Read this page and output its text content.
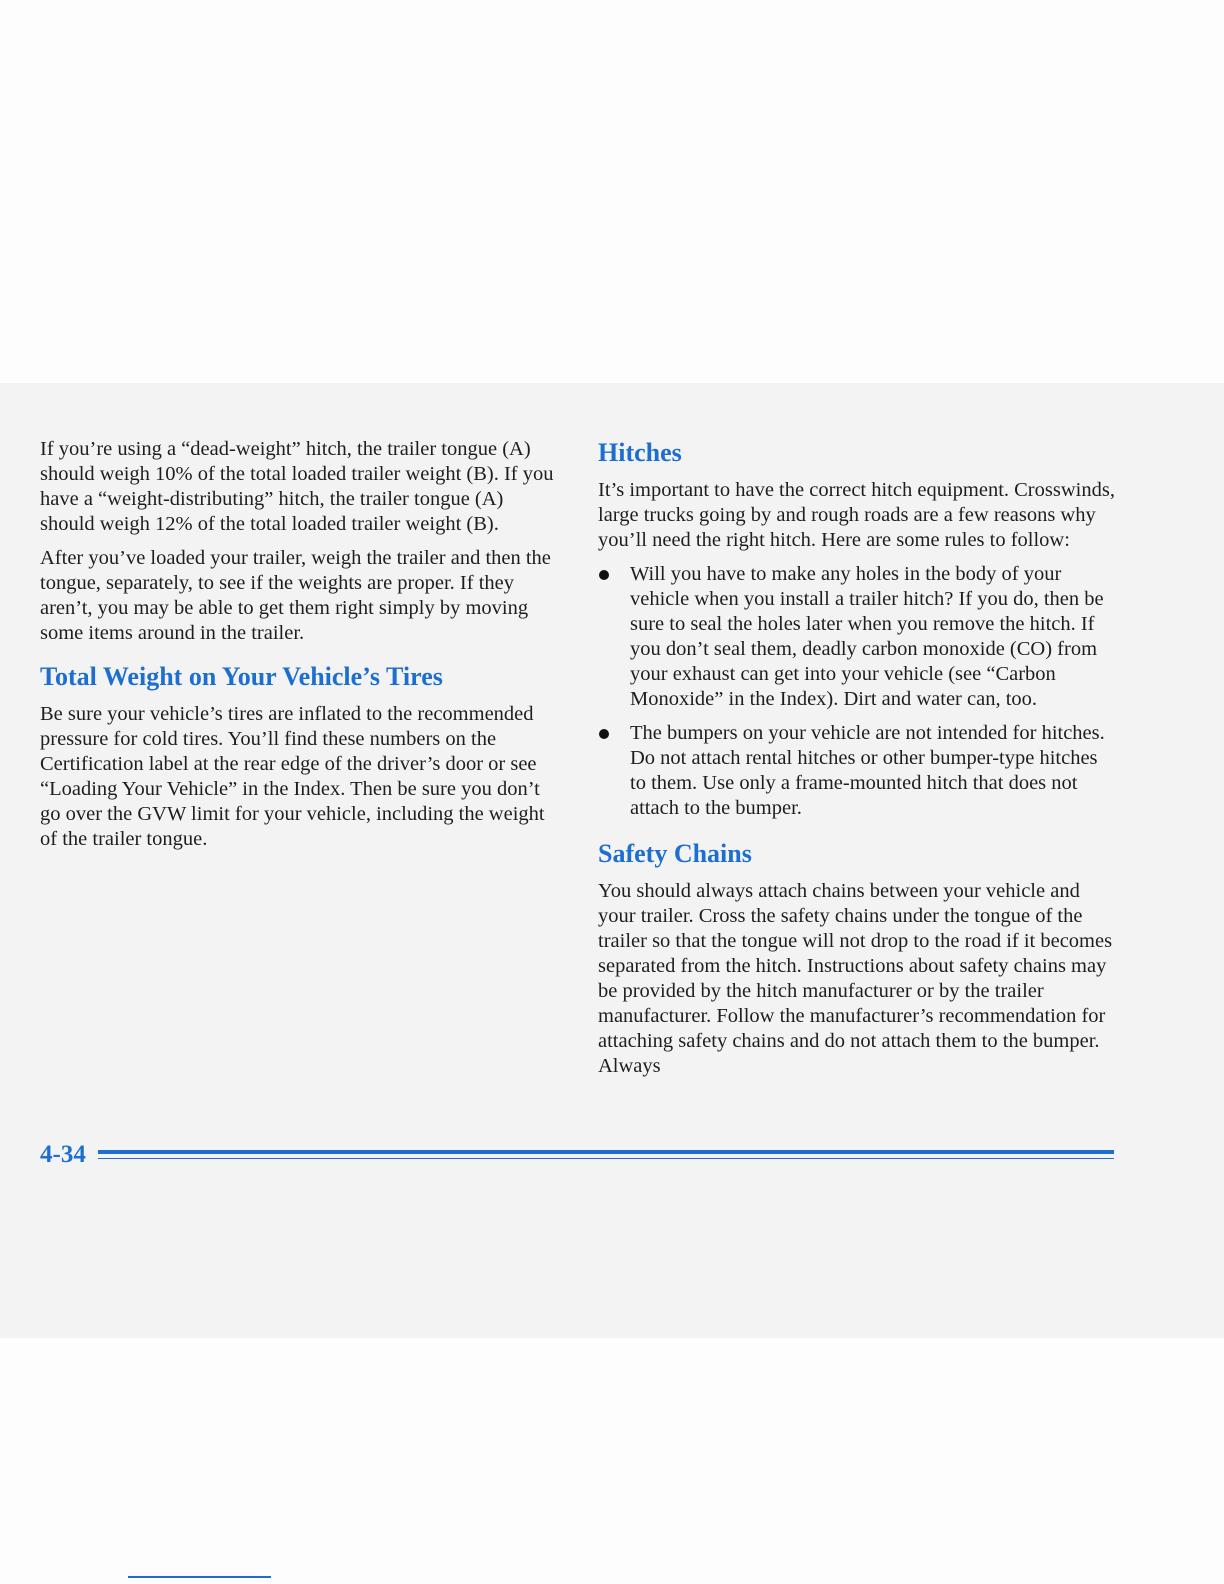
If you’re using a “dead-weight” hitch, the trailer tongue (A) should weigh 10% of the total loaded trailer weight (B). If you have a “weight-distributing” hitch, the trailer tongue (A) should weigh 12% of the total loaded trailer weight (B).

After you’ve loaded your trailer, weigh the trailer and then the tongue, separately, to see if the weights are proper. If they aren’t, you may be able to get them right simply by moving some items around in the trailer.

Total Weight on Your Vehicle’s Tires

Be sure your vehicle’s tires are inflated to the recommended pressure for cold tires. You’ll find these numbers on the Certification label at the rear edge of the driver’s door or see “Loading Your Vehicle” in the Index. Then be sure you don’t go over the GVW limit for your vehicle, including the weight of the trailer tongue.

Hitches

It’s important to have the correct hitch equipment. Crosswinds, large trucks going by and rough roads are a few reasons why you’ll need the right hitch. Here are some rules to follow:

Will you have to make any holes in the body of your vehicle when you install a trailer hitch? If you do, then be sure to seal the holes later when you remove the hitch. If you don’t seal them, deadly carbon monoxide (CO) from your exhaust can get into your vehicle (see “Carbon Monoxide” in the Index). Dirt and water can, too.
The bumpers on your vehicle are not intended for hitches. Do not attach rental hitches or other bumper-type hitches to them. Use only a frame-mounted hitch that does not attach to the bumper.
Safety Chains

You should always attach chains between your vehicle and your trailer. Cross the safety chains under the tongue of the trailer so that the tongue will not drop to the road if it becomes separated from the hitch. Instructions about safety chains may be provided by the hitch manufacturer or by the trailer manufacturer. Follow the manufacturer’s recommendation for attaching safety chains and do not attach them to the bumper. Always

4-34
